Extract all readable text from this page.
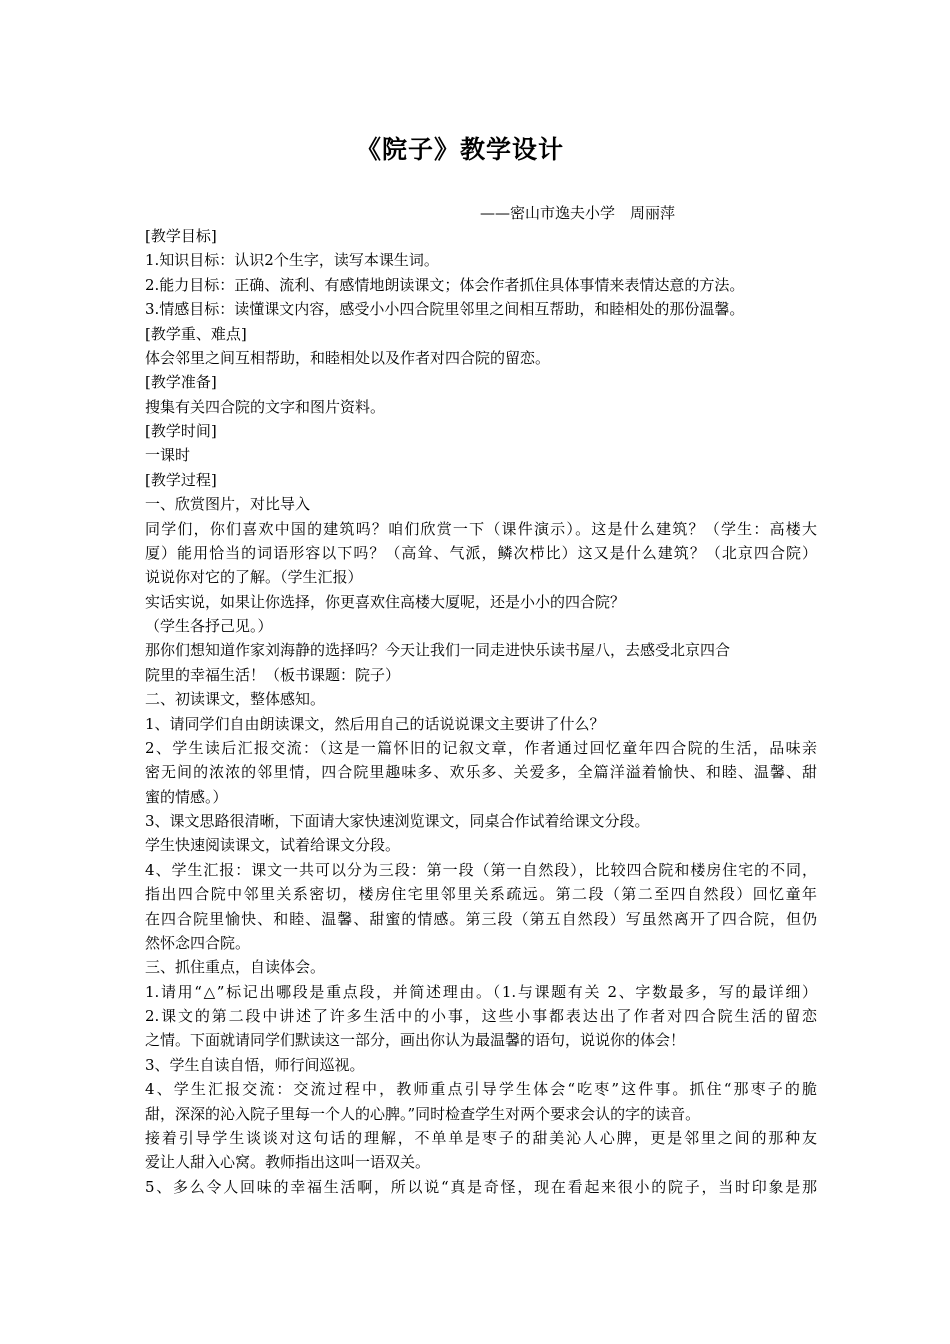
《院子》教学设计
——密山市逸夫小学　周丽萍
[教学目标]
1.知识目标：认识2个生字，读写本课生词。
2.能力目标：正确、流利、有感情地朗读课文；体会作者抓住具体事情来表情达意的方法。
3.情感目标：读懂课文内容，感受小小四合院里邻里之间相互帮助，和睦相处的那份温馨。
[教学重、难点]
体会邻里之间互相帮助，和睦相处以及作者对四合院的留恋。
[教学准备]
搜集有关四合院的文字和图片资料。
[教学时间]
一课时
[教学过程]
一、欣赏图片，对比导入
同学们，你们喜欢中国的建筑吗？咱们欣赏一下（课件演示）。这是什么建筑？（学生：高楼大
厦）能用恰当的词语形容以下吗？（高耸、气派，鳞次栉比）这又是什么建筑？（北京四合院）
说说你对它的了解。（学生汇报）
实话实说，如果让你选择，你更喜欢住高楼大厦呢，还是小小的四合院？
（学生各抒己见。）
那你们想知道作家刘海静的选择吗？今天让我们一同走进快乐读书屋八，去感受北京四合
院里的幸福生活！（板书课题：院子）
二、初读课文，整体感知。
1、请同学们自由朗读课文，然后用自己的话说说课文主要讲了什么？
2、学生读后汇报交流：（这是一篇怀旧的记叙文章，作者通过回忆童年四合院的生活，品味亲
密无间的浓浓的邻里情，四合院里趣味多、欢乐多、关爱多，全篇洋溢着愉快、和睦、温馨、甜
蜜的情感。）
3、课文思路很清晰，下面请大家快速浏览课文，同桌合作试着给课文分段。
学生快速阅读课文，试着给课文分段。
4、学生汇报：课文一共可以分为三段：第一段（第一自然段），比较四合院和楼房住宅的不同，
指出四合院中邻里关系密切，楼房住宅里邻里关系疏远。第二段（第二至四自然段）回忆童年
在四合院里愉快、和睦、温馨、甜蜜的情感。第三段（第五自然段）写虽然离开了四合院，但仍
然怀念四合院。
三、抓住重点，自读体会。
1.请用“△”标记出哪段是重点段，并简述理由。（1.与课题有关 2、字数最多，写的最详细）
2.课文的第二段中讲述了许多生活中的小事，这些小事都表达出了作者对四合院生活的留恋
之情。下面就请同学们默读这一部分，画出你认为最温馨的语句，说说你的体会！
3、学生自读自悟，师行间巡视。
4、学生汇报交流：交流过程中，教师重点引导学生体会“吃枣”这件事。抓住“那枣子的脆
甜，深深的沁入院子里每一个人的心脾。”同时检查学生对两个要求会认的字的读音。
接着引导学生谈谈对这句话的理解，不单单是枣子的甜美沁人心脾，更是邻里之间的那种友
爱让人甜入心窝。教师指出这叫一语双关。
5、多么令人回味的幸福生活啊，所以说“真是奇怪，现在看起来很小的院子，当时印象是那
